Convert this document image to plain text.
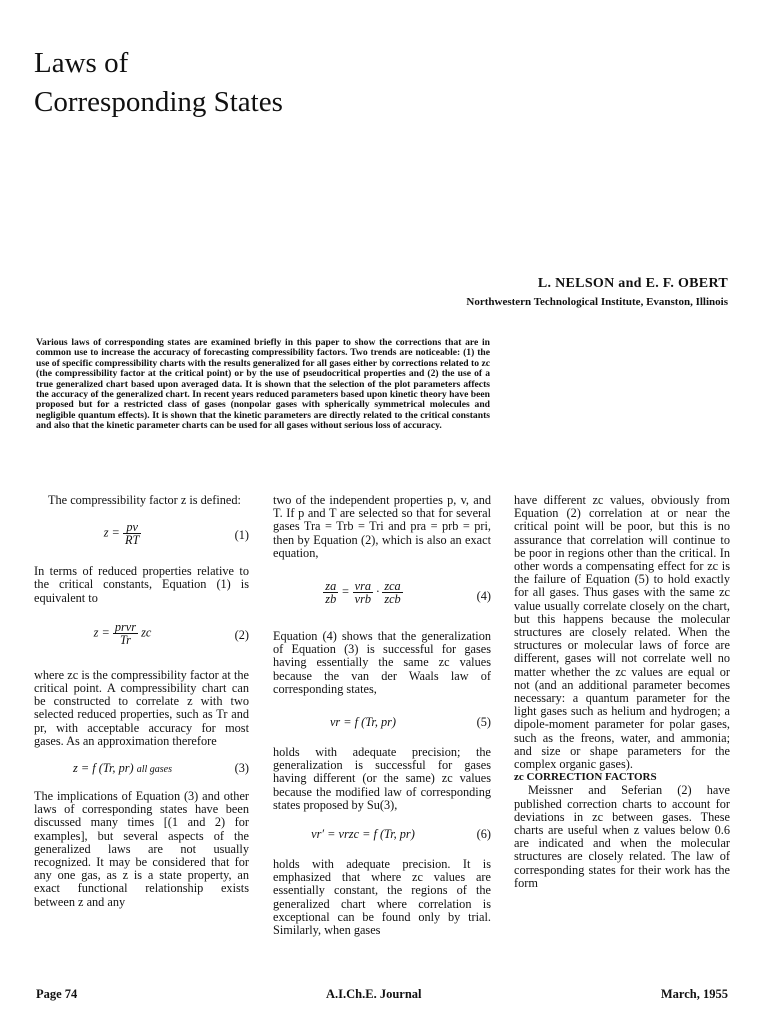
Laws of
Corresponding States
L. NELSON and E. F. OBERT
Northwestern Technological Institute, Evanston, Illinois

Various laws of corresponding states are examined briefly in this paper to show the corrections that are in common use to increase the accuracy of forecasting compressibility factors. Two trends are noticeable: (1) the use of specific compressibility charts with the results generalized for all gases either by corrections related to zc (the compressibility factor at the critical point) or by the use of pseudocritical properties and (2) the use of a true generalized chart based upon averaged data. It is shown that the selection of the plot parameters affects the accuracy of the generalized chart. In recent years reduced parameters based upon kinetic theory have been proposed but for a restricted class of gases (nonpolar gases with spherically symmetrical molecules and negligible quantum effects). It is shown that the kinetic parameters are directly related to the critical constants and also that the kinetic parameter charts can be used for all gases without serious loss of accuracy.

The compressibility factor z is defined:

$z = \frac{pv}{RT}$	(1)

In terms of reduced properties relative to the critical constants, Equation (1) is equivalent to

$z = \frac{\text{prvr}}{Tr}$ zc	(2)

where zc is the compressibility factor at the critical point. A compressibility chart can be constructed to correlate z with two selected reduced properties, such as Tr and pr, with acceptable accuracy for most gases. As an approximation therefore

z = f (Tr, pr) all gases	(3)

The implications of Equation (3) and other laws of corresponding states have been discussed many times [(1 and 2) for examples], but several aspects of the generalized laws are not usually recognized. It may be considered that for any one gas, as z is a state property, an exact functional relationship exists between z and any

two of the independent properties p, v, and T. If p and T are selected so that for several gases Tra = Trb = Tri and pra = prb = pri, then by Equation (2), which is also an exact equation,

$\frac{za}{zb} = \frac{\text{vra}}{\text{vrb}} \cdot \frac{\text{zca}}{\text{zcb}}$	(4)

Equation (4) shows that the generalization of Equation (3) is successful for gases having essentially the same zc values because the van der Waals law of corresponding states,

vr = f (Tr, pr)	(5)

holds with adequate precision; the generalization is successful for gases having different (or the same) zc values because the modified law of corresponding states proposed by Su(3),

vr′ = vrzc = f (Tr, pr)	(6)

holds with adequate precision. It is emphasized that where zc values are essentially constant, the regions of the generalized chart where correlation is exceptional can be found only by trial. Similarly, when gases

have different zc values, obviously from Equation (2) correlation at or near the critical point will be poor, but this is no assurance that correlation will continue to be poor in regions other than the critical. In other words a compensating effect for zc is the failure of Equation (5) to hold exactly for all gases. Thus gases with the same zc value usually correlate closely on the chart, but this happens because the molecular structures are closely related. When the structures or molecular laws of force are different, gases will not correlate well no matter whether the zc values are equal or not (and an additional parameter becomes necessary: a quantum parameter for the light gases such as helium and hydrogen; a dipole-moment parameter for polar gases, such as the freons, water, and ammonia; and size or shape parameters for the complex organic gases).

zc CORRECTION FACTORS

Meissner and Seferian (2) have published correction charts to account for deviations in zc between gases. These charts are useful when z values below 0.6 are indicated and when the molecular structures are closely related. The law of corresponding states for their work has the form

Page 74	A.I.Ch.E. Journal	March, 1955
